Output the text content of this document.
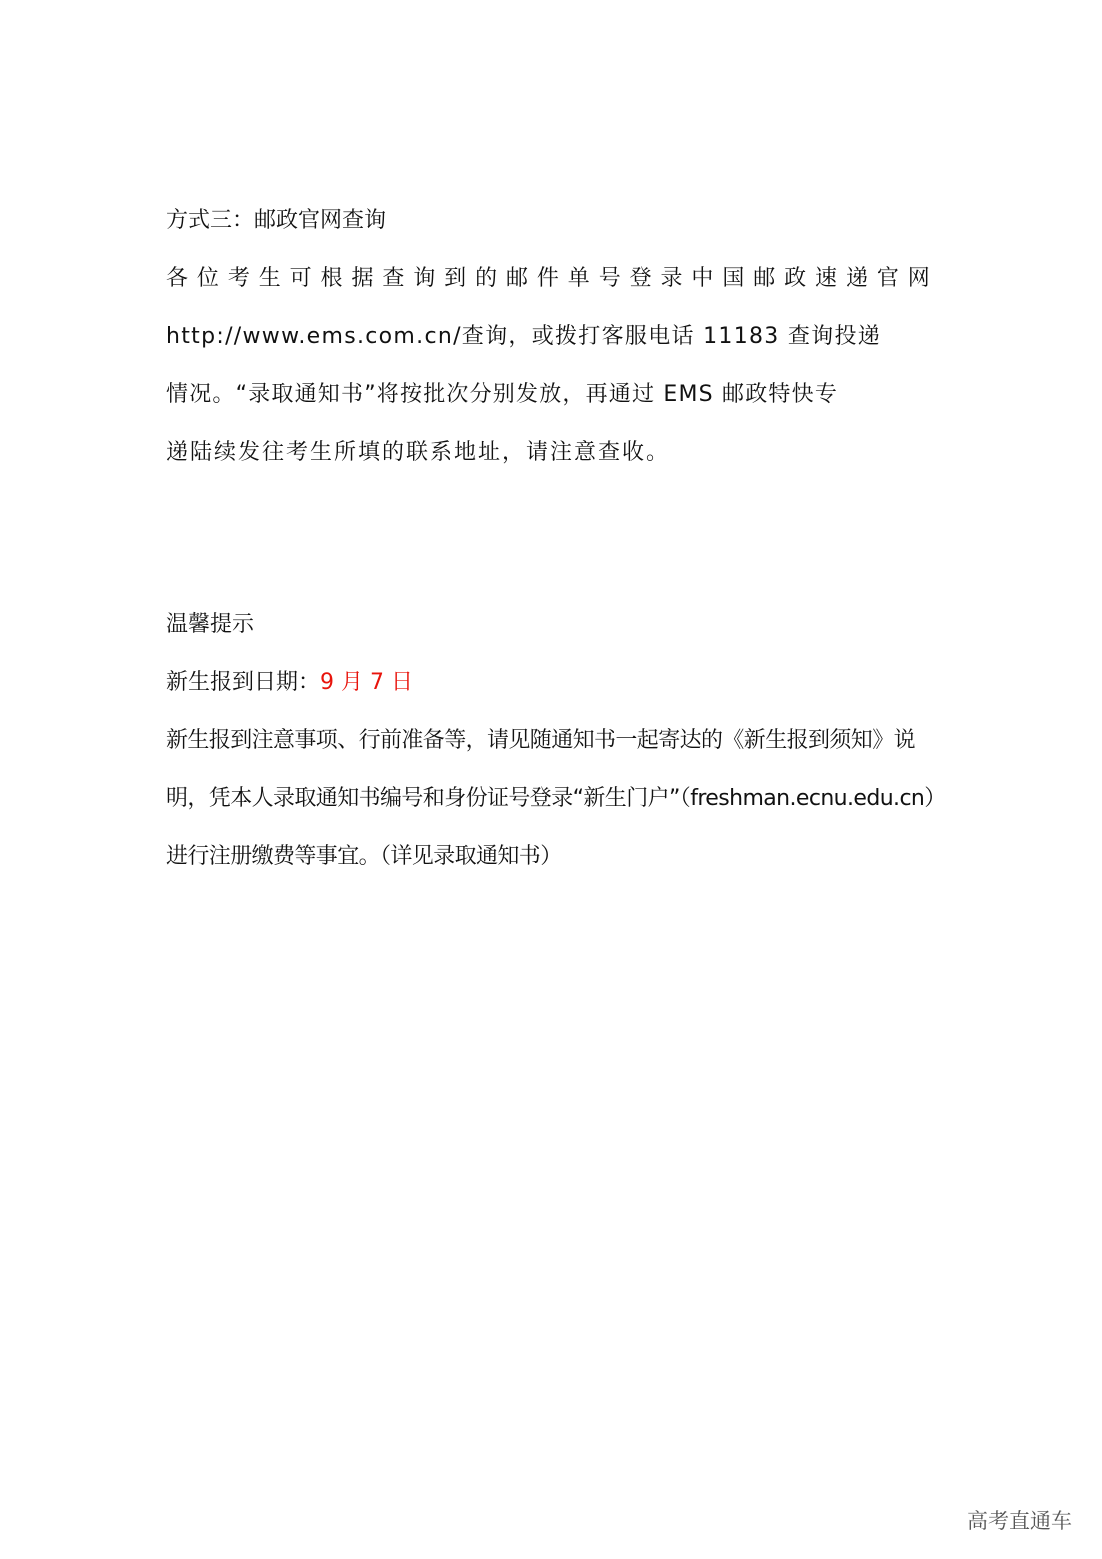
方式三：邮政官网查询
各 位 考 生 可 根 据 查 询 到 的 邮 件 单 号 登 录 中 国 邮 政 速 递 官 网
http://www.ems.com.cn/查询，或拨打客服电话 11183 查询投递
情况。“录取通知书”将按批次分别发放，再通过 EMS 邮政特快专
递陆续发往考生所填的联系地址，请注意查收。
温馨提示
新生报到日期：9 月 7 日
新生报到注意事项、行前准备等，请见随通知书一起寄达的《新生报到须知》说
明，凭本人录取通知书编号和身份证号登录“新生门户”（freshman.ecnu.edu.cn）
进行注册缴费等事宜。（详见录取通知书）
高考直通车
